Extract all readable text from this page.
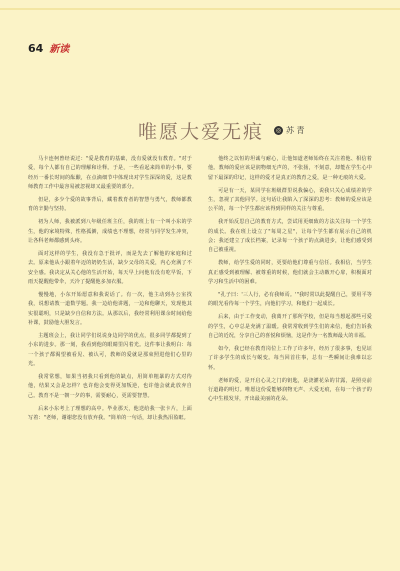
64 新读
唯愿大爱无痕	◎ 苏 青

马卡连柯曾经说过："爱是教育的基础，没有爱就没有教育。"对于爱，每个人都有自己的理解和诠释。于是，一些看起来简单的小事，要经历一番长时间的酝酿，在点滴细节中体现出对学生深深的爱，这是教师教育工作中最容易被忽视却又最重要的部分。

但是，多少个爱的故事背后，藏着教育者的智慧与勇气，教师都教育的辛勤与坚持。

初为人师，我被派到八年级任班主任，我的班上有一个叫小东的学生，他的家境特殊，性格孤僻，成绩也不理想，经常与同学发生冲突，让各科老师都感到头疼。

面对这样的学生，我没有急于批评，而是先去了解他的家庭和过去。原来他从小跟着年迈的奶奶生活，缺少父母的关爱，内心充满了不安全感。我决定从关心他的生活开始，每天早上问他有没有吃早饭，下雨天提醒他带伞，天冷了提醒他多加衣服。

慢慢地，小东开始愿意和我说话了。有一次，他主动到办公室找我，说想请教一道数学题。我一边给他讲题，一边和他聊天，发现他其实很聪明，只是缺少自信和方法。从那以后，我经常利用课余时间给他补课，鼓励他大胆发言。

主题班会上，我让同学们说说身边同学的优点，很多同学都提到了小东的进步。那一刻，我看到他的眼睛里闪着光。这件事让我明白：每一个孩子都渴望被看见、被认可，教师的爱就是那束照进他们心里的光。

我常常想，如果当初我只看到他的缺点，用简单粗暴的方式对待他，结果又会是怎样？也许他会变得更加叛逆，也许他会就此放弃自己。教育不是一朝一夕的事，需要耐心，更需要智慧。

后来小东考上了理想的高中。毕业那天，他送给我一张卡片，上面写着："老师，谢谢您没有放弃我。"简单的一句话，却让我热泪盈眶。

他终之以恒的坦诚与耐心，让他知道老师始终在关注着他、相信着他。教师的爱应该是润物细无声的，不张扬，不刻意，却能在学生心中留下最深的印记，这样的爱才是真正的教育之爱，是一种无痕的大爱。

可是有一天，某同学在班级群里说我偏心，说我只关心成绩差的学生，忽视了其他同学。这句话让我陷入了深深的思考：教师的爱应该是公平的，每一个学生都应该得到同样的关注与尊重。

我开始反思自己的教育方式，尝试用更细致的方法关注每一个学生的成长。我在班上设立了"每周之星"，让每个学生都有展示自己的机会；我还建立了成长档案，记录每一个孩子的点滴进步，让他们感受到自己被重视。

教师，给学生爱的同时，更要给他们尊重与信任。我相信，当学生真正感受到被理解、被尊重的时候，他们就会主动敞开心扉，积极面对学习和生活中的困难。

"孔子曰：'三人行，必有我师焉。'"我时常以此提醒自己，要用平等的眼光看待每一个学生，向他们学习，和他们一起成长。

后来，由于工作变动，我离开了那所学校，但是每当想起那些可爱的学生，心中总是充满了温暖。我常常收到学生们的来信，他们告诉我自己的近况，分享自己的喜悦和烦恼，这是作为一名教师最大的幸福。

如今，我已经在教育岗位上工作了许多年，经历了很多事，也见证了许多学生的成长与蜕变。每当回首往事，总有一些瞬间让我难以忘怀。

老师的爱，是开启心灵之门的钥匙，是浇灌花朵的甘露，是照亮前行道路的明灯。唯愿这份爱能够润物无声、大爱无痕，在每一个孩子的心中生根发芽，开出最美丽的花朵。
